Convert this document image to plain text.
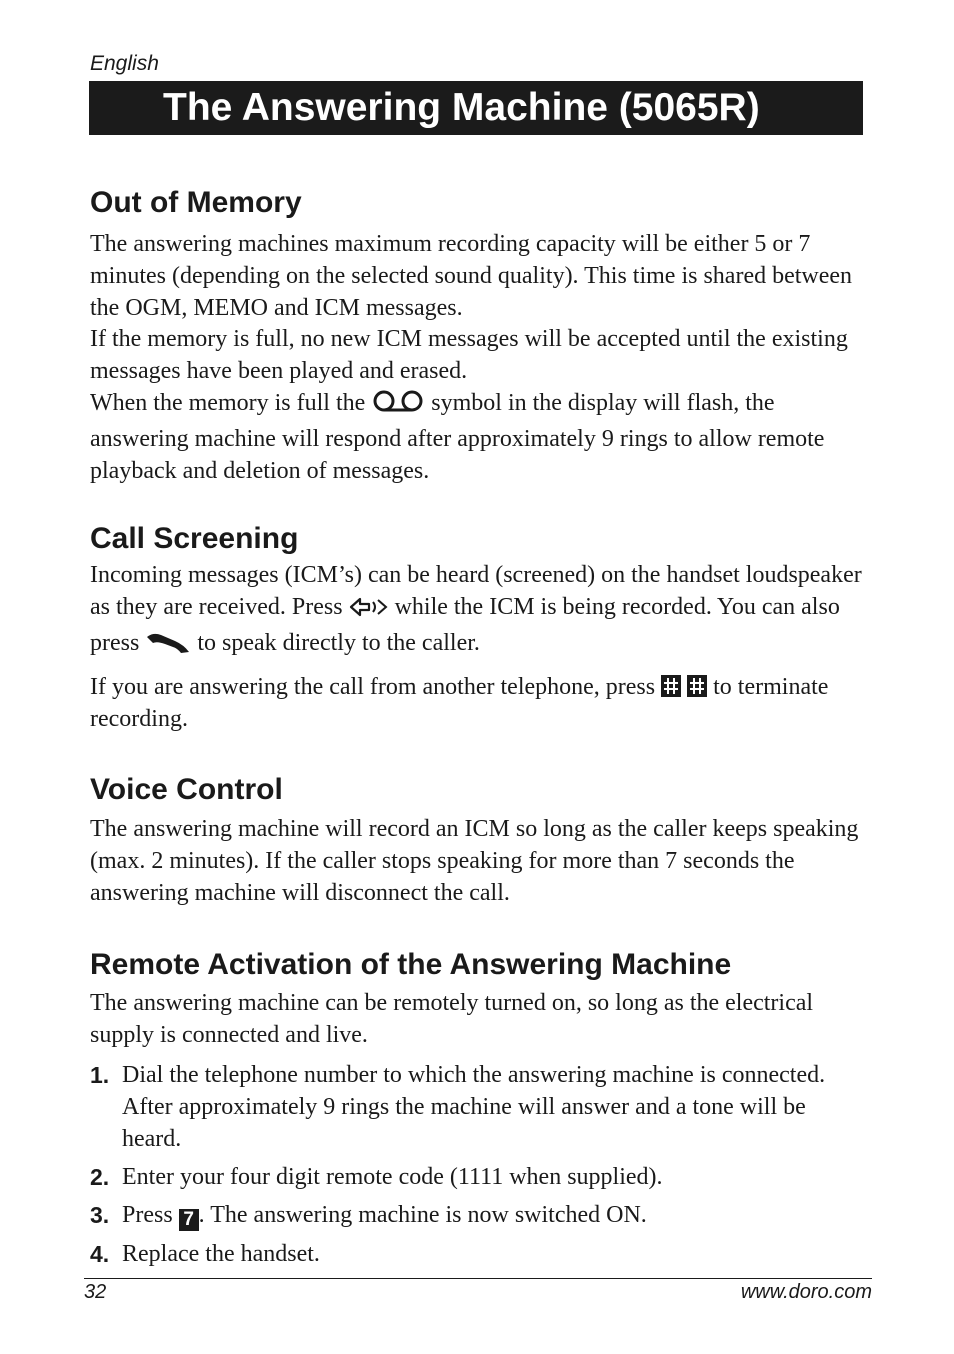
English
The Answering Machine (5065R)
Out of Memory

The answering machines maximum recording capacity will be either 5 or 7 minutes (depending on the selected sound quality). This time is shared between the OGM, MEMO and ICM messages.

If the memory is full, no new ICM messages will be accepted until the existing messages have been played and erased.

When the memory is full the	symbol in the display will flash, the answering machine will respond after approximately 9 rings to allow remote playback and deletion of messages.

Call Screening

Incoming messages (ICM’s) can be heard (screened) on the handset loudspeaker as they are received. Press while the ICM is being recorded. You can also press to speak directly to the caller.

If you are answering the call from another telephone, press
to terminate recording.

Voice Control

The answering machine will record an ICM so long as the caller keeps speaking (max. 2 minutes). If the caller stops speaking for more than 7 seconds the answering machine will disconnect the call.

Remote Activation of the Answering Machine

The answering machine can be remotely turned on, so long as the electrical supply is connected and live.

1. Dial the telephone number to which the answering machine is connected. After approximately 9 rings the machine will answer and a tone will be heard.
2. Enter your four digit remote code (1111 when supplied).
3. Press 7 . The answering machine is now switched ON.
4. Replace the handset.
32	www.doro.com
